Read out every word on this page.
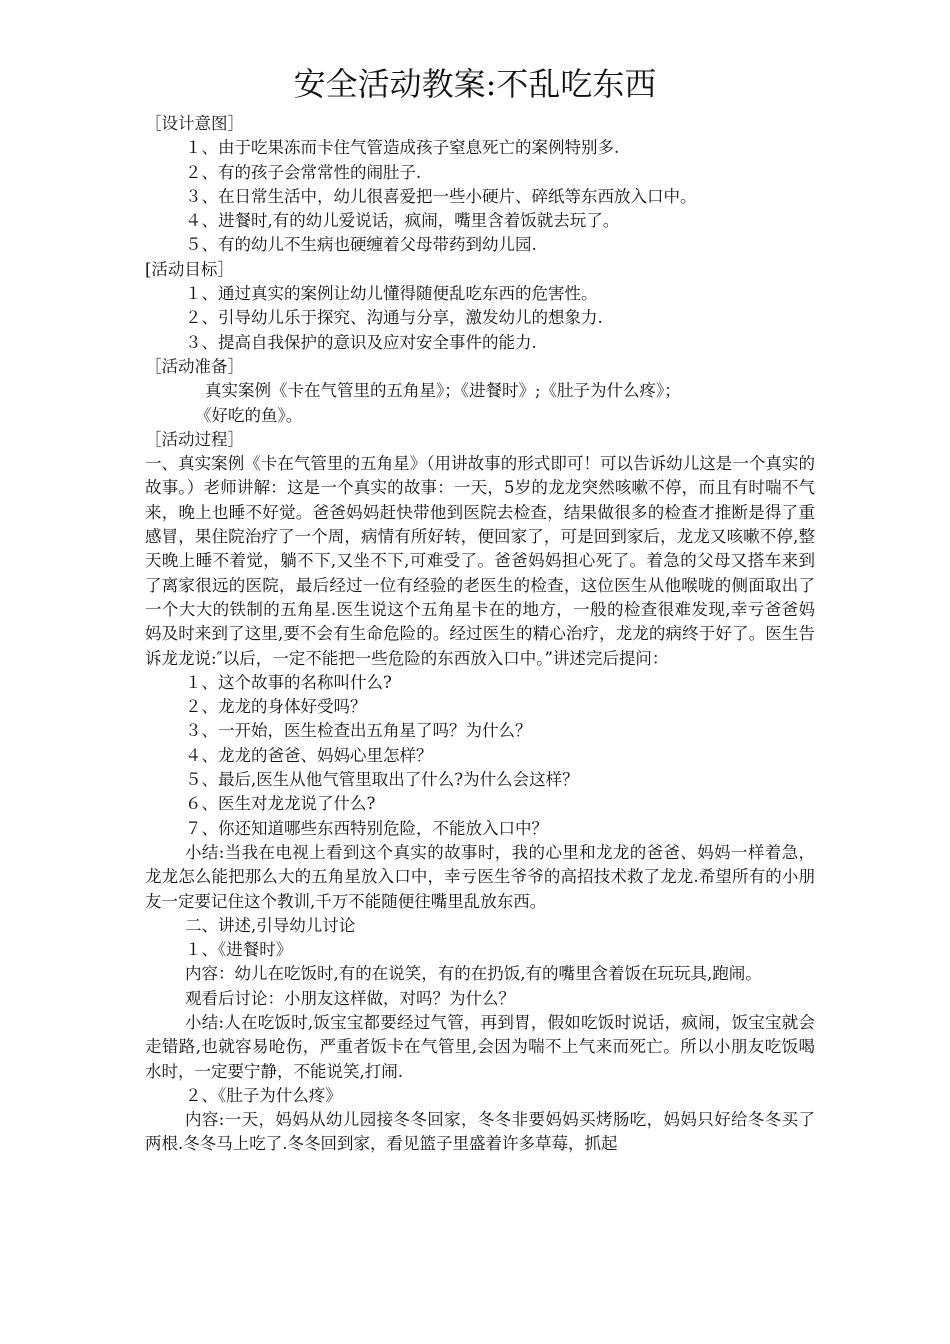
安全活动教案:不乱吃东西

［设计意图］

１、由于吃果冻而卡住气管造成孩子窒息死亡的案例特别多.

２、有的孩子会常常性的闹肚子.

３、在日常生活中，幼儿很喜爱把一些小硬片、碎纸等东西放入口中。

４、进餐时,有的幼儿爱说话，疯闹，嘴里含着饭就去玩了。

５、有的幼儿不生病也硬缠着父母带药到幼儿园.

[活动目标］

１、通过真实的案例让幼儿懂得随便乱吃东西的危害性。

２、引导幼儿乐于探究、沟通与分享，激发幼儿的想象力.

３、提高自我保护的意识及应对安全事件的能力.

［活动准备］

真实案例《卡在气管里的五角星》；《进餐时》;《肚子为什么疼》；

《好吃的鱼》。

［活动过程］

一、真实案例《卡在气管里的五角星》（用讲故事的形式即可！可以告诉幼儿这是一个真实的故事。）老师讲解：这是一个真实的故事：一天，5岁的龙龙突然咳嗽不停，而且有时喘不气来，晚上也睡不好觉。爸爸妈妈赶快带他到医院去检查，结果做很多的检查才推断是得了重感冒，果住院治疗了一个周，病情有所好转，便回家了，可是回到家后，龙龙又咳嗽不停,整天晚上睡不着觉，躺不下,又坐不下,可难受了。爸爸妈妈担心死了。着急的父母又搭车来到了离家很远的医院，最后经过一位有经验的老医生的检查，这位医生从他喉咙的侧面取出了一个大大的铁制的五角星.医生说这个五角星卡在的地方，一般的检查很难发现,幸亏爸爸妈妈及时来到了这里,要不会有生命危险的。经过医生的精心治疗，龙龙的病终于好了。医生告诉龙龙说:″以后，一定不能把一些危险的东西放入口中。”讲述完后提问：

１、这个故事的名称叫什么?

２、龙龙的身体好受吗？

３、一开始，医生检查出五角星了吗？为什么？

４、龙龙的爸爸、妈妈心里怎样？

５、最后,医生从他气管里取出了什么?为什么会这样？

６、医生对龙龙说了什么?

７、你还知道哪些东西特别危险，不能放入口中？

小结:当我在电视上看到这个真实的故事时，我的心里和龙龙的爸爸、妈妈一样着急，龙龙怎么能把那么大的五角星放入口中，幸亏医生爷爷的高招技术救了龙龙.希望所有的小朋友一定要记住这个教训,千万不能随便往嘴里乱放东西。

二、讲述,引导幼儿讨论

１、《进餐时》

内容：幼儿在吃饭时,有的在说笑，有的在扔饭,有的嘴里含着饭在玩玩具,跑闹。

观看后讨论：小朋友这样做，对吗？为什么？

小结:人在吃饭时,饭宝宝都要经过气管，再到胃，假如吃饭时说话，疯闹，饭宝宝就会走错路,也就容易呛伤，严重者饭卡在气管里,会因为喘不上气来而死亡。所以小朋友吃饭喝水时，一定要宁静，不能说笑,打闹.

２、《肚子为什么疼》

内容:一天，妈妈从幼儿园接冬冬回家，冬冬非要妈妈买烤肠吃，妈妈只好给冬冬买了两根.冬冬马上吃了.冬冬回到家，看见篮子里盛着许多草莓，抓起
